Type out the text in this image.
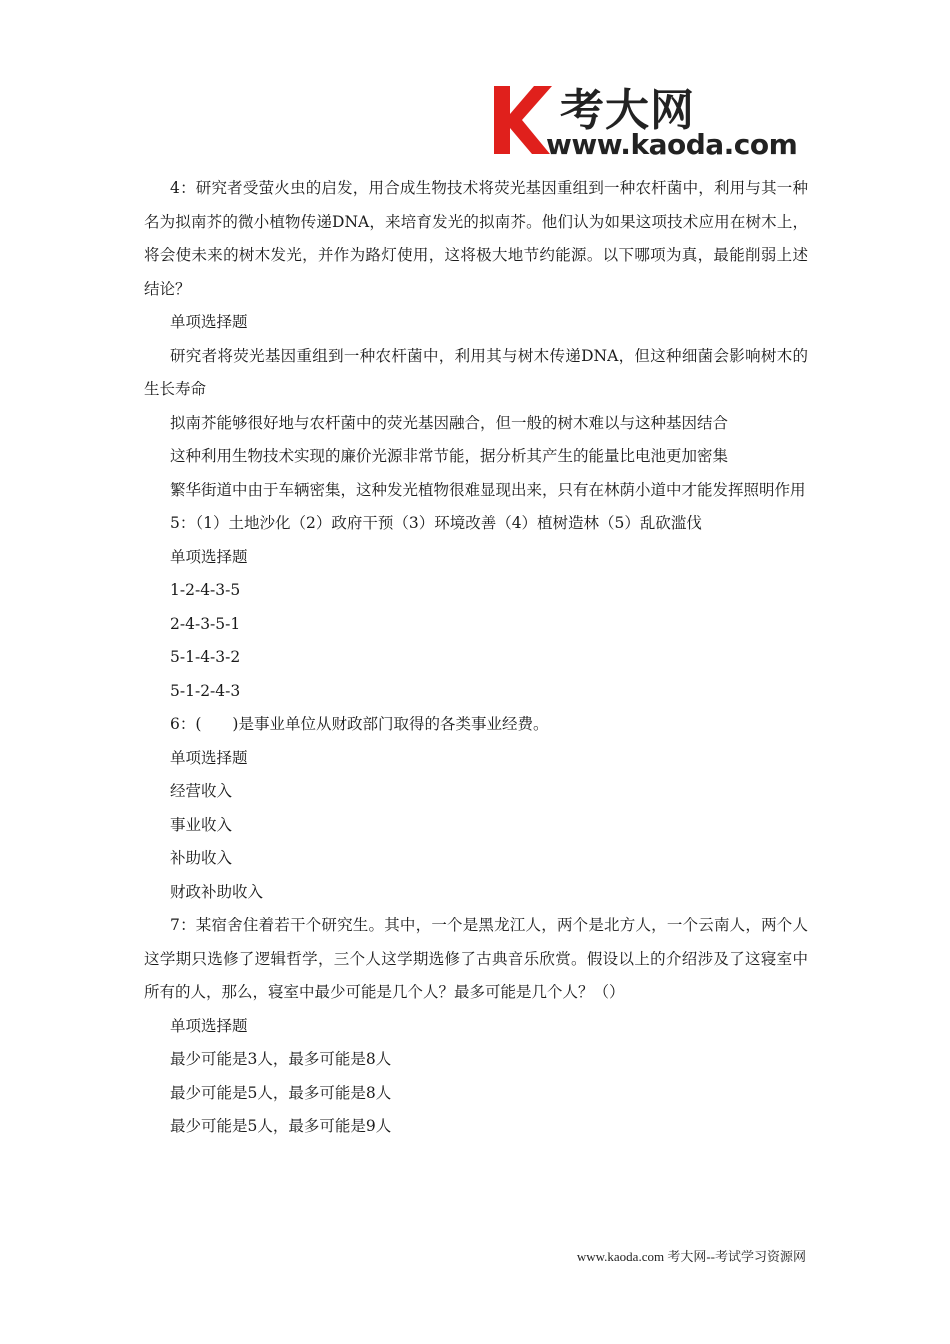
考大网
www.kaoda.com

4：研究者受萤火虫的启发，用合成生物技术将荧光基因重组到一种农杆菌中，利用与其一种名为拟南芥的微小植物传递DNA，来培育发光的拟南芥。他们认为如果这项技术应用在树木上，将会使未来的树木发光，并作为路灯使用，这将极大地节约能源。以下哪项为真，最能削弱上述结论？

单项选择题

研究者将荧光基因重组到一种农杆菌中，利用其与树木传递DNA，但这种细菌会影响树木的生长寿命

拟南芥能够很好地与农杆菌中的荧光基因融合，但一般的树木难以与这种基因结合

这种利用生物技术实现的廉价光源非常节能，据分析其产生的能量比电池更加密集

繁华街道中由于车辆密集，这种发光植物很难显现出来，只有在林荫小道中才能发挥照明作用

5：（1）土地沙化（2）政府干预（3）环境改善（4）植树造林（5）乱砍滥伐

单项选择题

1-2-4-3-5

2-4-3-5-1

5-1-4-3-2

5-1-2-4-3

6：(　　)是事业单位从财政部门取得的各类事业经费。

单项选择题

经营收入

事业收入

补助收入

财政补助收入

7：某宿舍住着若干个研究生。其中，一个是黑龙江人，两个是北方人，一个云南人，两个人这学期只选修了逻辑哲学，三个人这学期选修了古典音乐欣赏。假设以上的介绍涉及了这寝室中所有的人，那么，寝室中最少可能是几个人？最多可能是几个人？（）

单项选择题

最少可能是3人，最多可能是8人

最少可能是5人，最多可能是8人

最少可能是5人，最多可能是9人

www.kaoda.com 考大网--考试学习资源网
